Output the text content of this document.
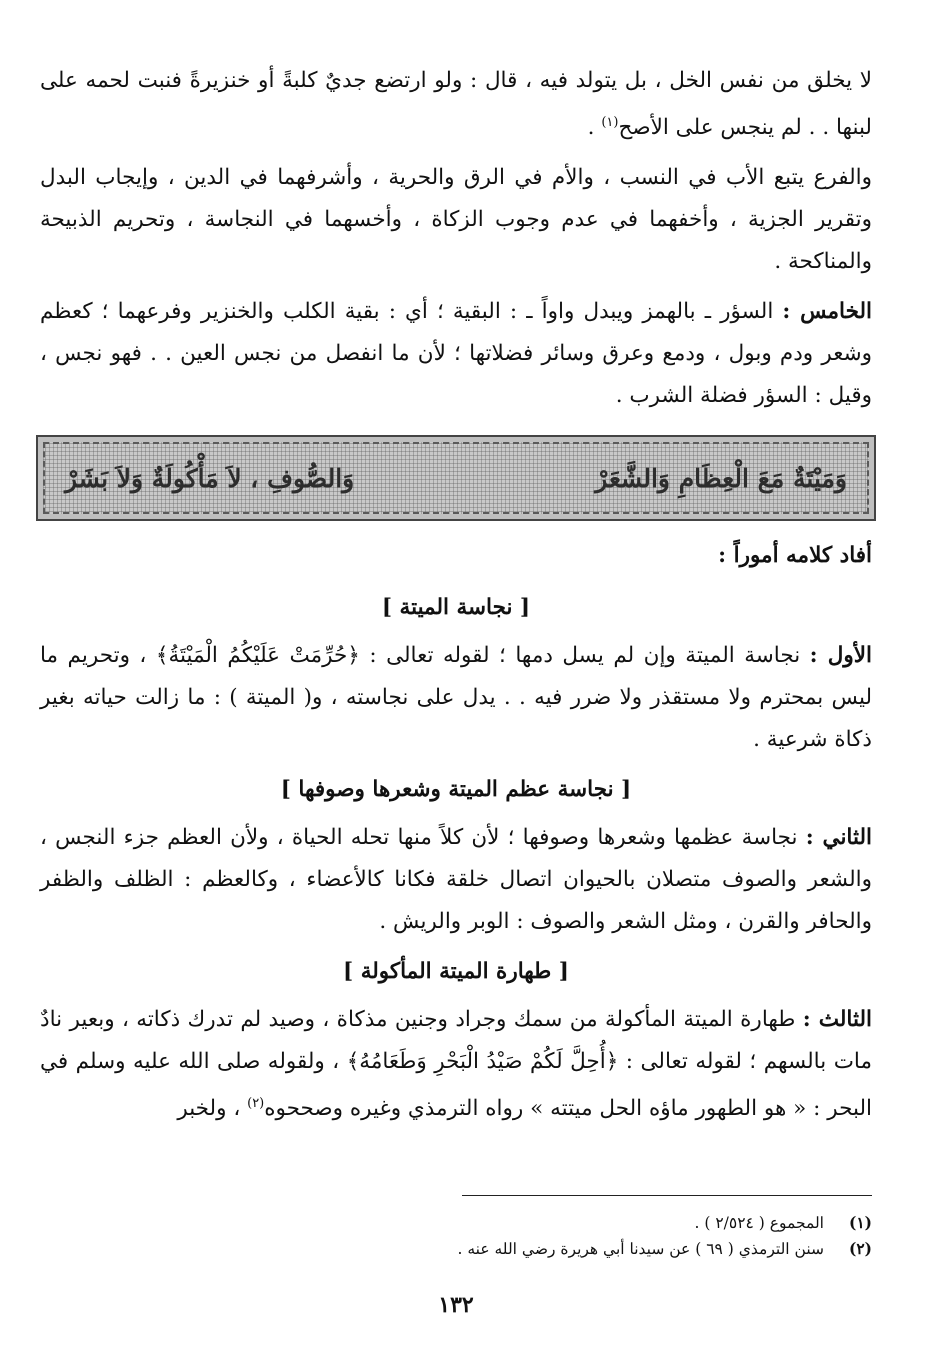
لا يخلق من نفس الخل ، بل يتولد فيه ، قال : ولو ارتضع جديٌ كلبةً أو خنزيرةً فنبت لحمه على لبنها . . لم ينجس على الأصح$^{(١)}$ .

والفرع يتبع الأب في النسب ، والأم في الرق والحرية ، وأشرفهما في الدين ، وإيجاب البدل وتقرير الجزية ، وأخفهما في عدم وجوب الزكاة ، وأخسهما في النجاسة ، وتحريم الذبيحة والمناكحة .

الخامس : السؤر ـ بالهمز ويبدل واواً ـ : البقية ؛ أي : بقية الكلب والخنزير وفرعهما ؛ كعظم وشعر ودم وبول ، ودمع وعرق وسائر فضلاتها ؛ لأن ما انفصل من نجس العين . . فهو نجس ، وقيل : السؤر فضلة الشرب .

وَمَيْتَةٌ مَعَ الْعِظَامِ وَالشَّعَرْ
وَالصُّوفِ ، لاَ مَأْكُولَةٌ وَلاَ بَشَرْ
أفاد كلامه أموراً :
[ نجاسة الميتة ]

الأول : نجاسة الميتة وإن لم يسل دمها ؛ لقوله تعالى : ﴿حُرِّمَتْ عَلَيْكُمُ الْمَيْتَةُ﴾ ، وتحريم ما ليس بمحترم ولا مستقذر ولا ضرر فيه . . يدل على نجاسته ، و( الميتة ) : ما زالت حياته بغير ذكاة شرعية .

[ نجاسة عظم الميتة وشعرها وصوفها ]

الثاني : نجاسة عظمها وشعرها وصوفها ؛ لأن كلاً منها تحله الحياة ، ولأن العظم جزء النجس ، والشعر والصوف متصلان بالحيوان اتصال خلقة فكانا كالأعضاء ، وكالعظم : الظلف والظفر والحافر والقرن ، ومثل الشعر والصوف : الوبر والريش .

[ طهارة الميتة المأكولة ]

الثالث : طهارة الميتة المأكولة من سمك وجراد وجنين مذكاة ، وصيد لم تدرك ذكاته ، وبعير نادٌ مات بالسهم ؛ لقوله تعالى : ﴿أُحِلَّ لَكُمْ صَيْدُ الْبَحْرِ وَطَعَامُهُ﴾ ، ولقوله صلى الله عليه وسلم في البحر : « هو الطهور ماؤه الحل ميتته » رواه الترمذي وغيره وصححوه$^{(٢)}$ ، ولخبر

(١)
المجموع ( ٢/٥٢٤ ) .
(٢)
سنن الترمذي ( ٦٩ ) عن سيدنا أبي هريرة رضي الله عنه .
١٣٢
